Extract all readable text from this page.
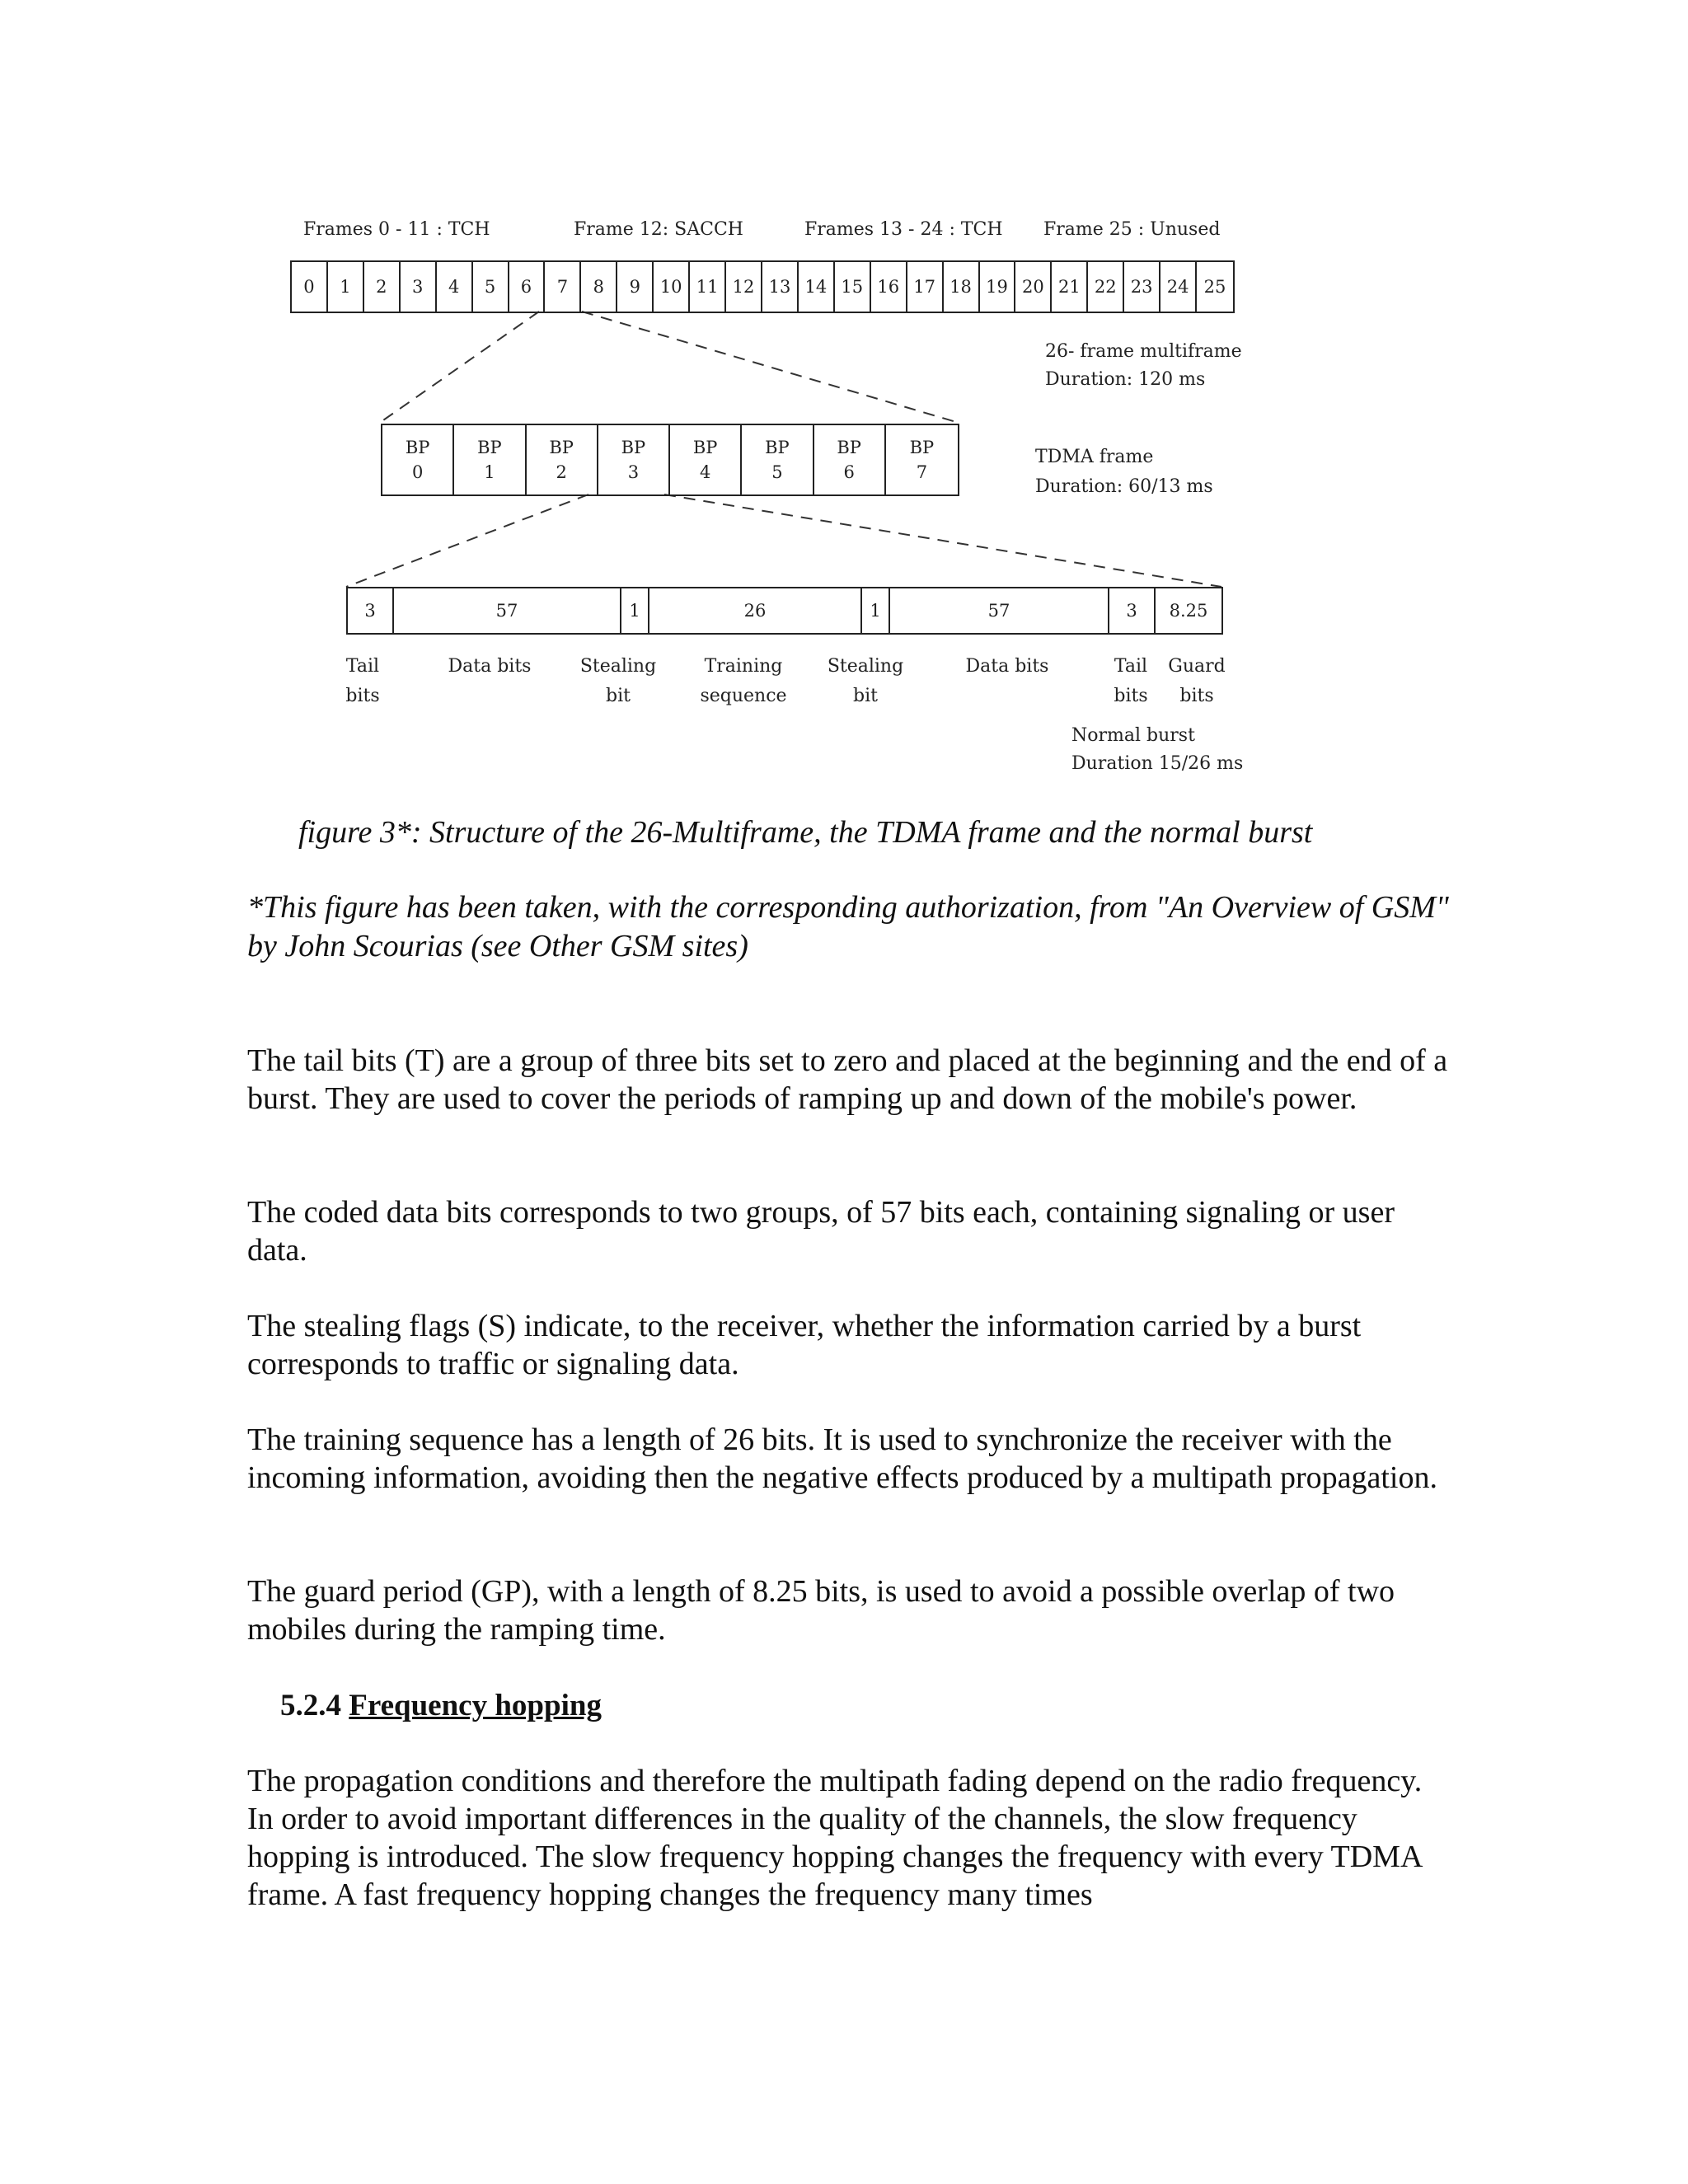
Frames 0 - 11 : TCH	Frame 12: SACCH	Frames 13 - 24 : TCH Frame 25 : Unused
0	1	2	3	4	5	6	7	8	9	10 11 12 13 14 15 16 17 18 19 20 21 22 23 24 25
26- frame multiframe
Duration: 120 ms
BP
0
BP
1
BP
2
BP
3
BP
4
BP
5
BP
6
BP
7
TDMA frame
Duration: 60/13 ms
3	57	1	26	1	57	3	8.25
Tail
bits
Data bits	Stealing
bit
Training
sequence
Stealing
bit
Data bits	Tail
bits
Guard
bits
Normal burst
Duration 15/26 ms
figure 3*: Structure of the 26-Multiframe, the TDMA frame and the normal burst
*This figure has been taken, with the corresponding authorization, from "An Overview of GSM" by John Scourias (see Other GSM sites)

The tail bits (T) are a group of three bits set to zero and placed at the beginning and the end of a burst. They are used to cover the periods of ramping up and down of the mobile's power.

The coded data bits corresponds to two groups, of 57 bits each, containing signaling or user data.

The stealing flags (S) indicate, to the receiver, whether the information carried by a burst corresponds to traffic or signaling data.

The training sequence has a length of 26 bits. It is used to synchronize the receiver with the incoming information, avoiding then the negative effects produced by a multipath propagation.

The guard period (GP), with a length of 8.25 bits, is used to avoid a possible overlap of two mobiles during the ramping time.

5.2.4 Frequency hopping

The propagation conditions and therefore the multipath fading depend on the radio frequency. In order to avoid important differences in the quality of the channels, the slow frequency hopping is introduced. The slow frequency hopping changes the frequency with every TDMA frame. A fast frequency hopping changes the frequency many times
